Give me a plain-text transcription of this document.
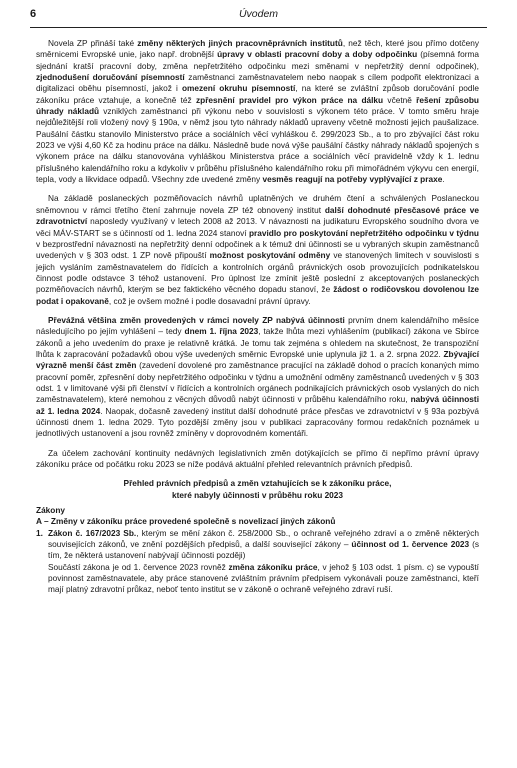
6	Úvodem

Novela ZP přináší také změny některých jiných pracovněprávních institutů, než těch, které jsou přímo dotčeny směrnicemi Evropské unie, jako např. drobnější úpravy v oblasti pracovní doby a doby odpočinku (písemná forma sjednání kratší pracovní doby, změna nepřetržitého odpočinku mezi směnami v nepřetržitý denní odpočinek), zjednodušení doručování písemností zaměstnanci zaměstnavatelem nebo naopak s cílem podpořit elektronizaci a digitalizaci oběhu písemností, jakož i omezení okruhu písemností, na které se zvláštní způsob doručování podle zákoníku práce vztahuje, a konečně též zpřesnění pravidel pro výkon práce na dálku včetně řešení způsobu úhrady nákladů vzniklých zaměstnanci při výkonu nebo v souvislosti s výkonem této práce. V tomto směru hraje nejdůležitější roli vložený nový § 190a, v němž jsou tyto náhrady nákladů upraveny včetně možnosti jejich paušalizace. Paušální částku stanovilo Ministerstvo práce a sociálních věcí vyhláškou č. 299/2023 Sb., a to pro zbývající část roku 2023 ve výši 4,60 Kč za hodinu práce na dálku. Následně bude nová výše paušální částky náhrady nákladů spojených s výkonem práce na dálku stanovována vyhláškou Ministerstva práce a sociálních věcí pravidelně vždy k 1. lednu příslušného kalendářního roku a kdykoliv v průběhu příslušného kalendářního roku při mimořádném výkyvu cen energií, tepla, vody a likvidace odpadů. Všechny zde uvedené změny vesměs reagují na potřeby vyplývající z praxe.

Na základě poslaneckých pozměňovacích návrhů uplatněných ve druhém čtení a schválených Poslaneckou sněmovnou v rámci třetího čtení zahrnuje novela ZP též obnovený institut další dohodnuté přesčasové práce ve zdravotnictví naposledy využívaný v letech 2008 až 2013. V návaznosti na judikaturu Evropského soudního dvora ve věci MÁV-START se s účinností od 1. ledna 2024 stanoví pravidlo pro poskytování nepřetržitého odpočinku v týdnu v bezprostřední návaznosti na nepřetržitý denní odpočinek a k témuž dni účinnosti se u vybraných skupin zaměstnanců uvedených v § 303 odst. 1 ZP nově připouští možnost poskytování odměny ve stanovených limitech v souvislosti s jejich vysláním zaměstnavatelem do řídících a kontrolních orgánů právnických osob provozujících podnikatelskou činnost podle odstavce 3 téhož ustanovení. Pro úplnost lze zmínit ještě poslední z akceptovaných poslaneckých pozměňovacích návrhů, kterým se bez faktického věcného dopadu stanoví, že žádost o rodičovskou dovolenou lze podat i opakovaně, což je ovšem možné i podle dosavadní právní úpravy.

Převážná většina změn provedených v rámci novely ZP nabývá účinnosti prvním dnem kalendářního měsíce následujícího po jejím vyhlášení – tedy dnem 1. října 2023, takže lhůta mezi vyhlášením (publikací) zákona ve Sbírce zákonů a jeho uvedením do praxe je relativně krátká. Je tomu tak zejména s ohledem na skutečnost, že transpoziční lhůta k zapracování požadavků obou výše uvedených směrnic Evropské unie uplynula již 1. a 2. srpna 2022. Zbývající výrazně menší část změn (zavedení dovolené pro zaměstnance pracující na základě dohod o pracích konaných mimo pracovní poměr, zpřesnění doby nepřetržitého odpočinku v týdnu a umožnění odměny zaměstnanců uvedených v § 303 odst. 1 v limitované výši při členství v řídících a kontrolních orgánech podnikajících právnických osob vyslaných do nich zaměstnavatelem), které nemohou z věcných důvodů nabýt účinnosti v průběhu kalendářního roku, nabývá účinnosti až 1. ledna 2024. Naopak, dočasně zavedený institut další dohodnuté práce přesčas ve zdravotnictví v § 93a pozbývá účinnosti dnem 1. ledna 2029. Tyto pozdější změny jsou v publikaci zapracovány formou redakčních poznámek u jednotlivých ustanovení a jsou rovněž zmíněny v doprovodném komentáři.

Za účelem zachování kontinuity nedávných legislativních změn dotýkajících se přímo či nepřímo právní úpravy zákoníku práce od počátku roku 2023 se níže podává aktuální přehled relevantních právních předpisů.

Přehled právních předpisů a změn vztahujících se k zákoníku práce,
které nabyly účinnosti v průběhu roku 2023
Zákony
A – Změny v zákoníku práce provedené společně s novelizací jiných zákonů
1. Zákon č. 167/2023 Sb., kterým se mění zákon č. 258/2000 Sb., o ochraně veřejného zdraví a o změně některých souvisejících zákonů, ve znění pozdějších předpisů, a další související zákony – účinnost od 1. července 2023 (s tím, že některá ustanovení nabývají účinnosti později)

Součástí zákona je od 1. července 2023 rovněž změna zákoníku práce, v jehož § 103 odst. 1 písm. c) se vypouští povinnost zaměstnavatele, aby práce stanovené zvláštním právním předpisem vykonávali pouze zaměstnanci, kteří mají platný zdravotní průkaz, neboť tento institut se v zákoně o ochraně veřejného zdraví ruší.
